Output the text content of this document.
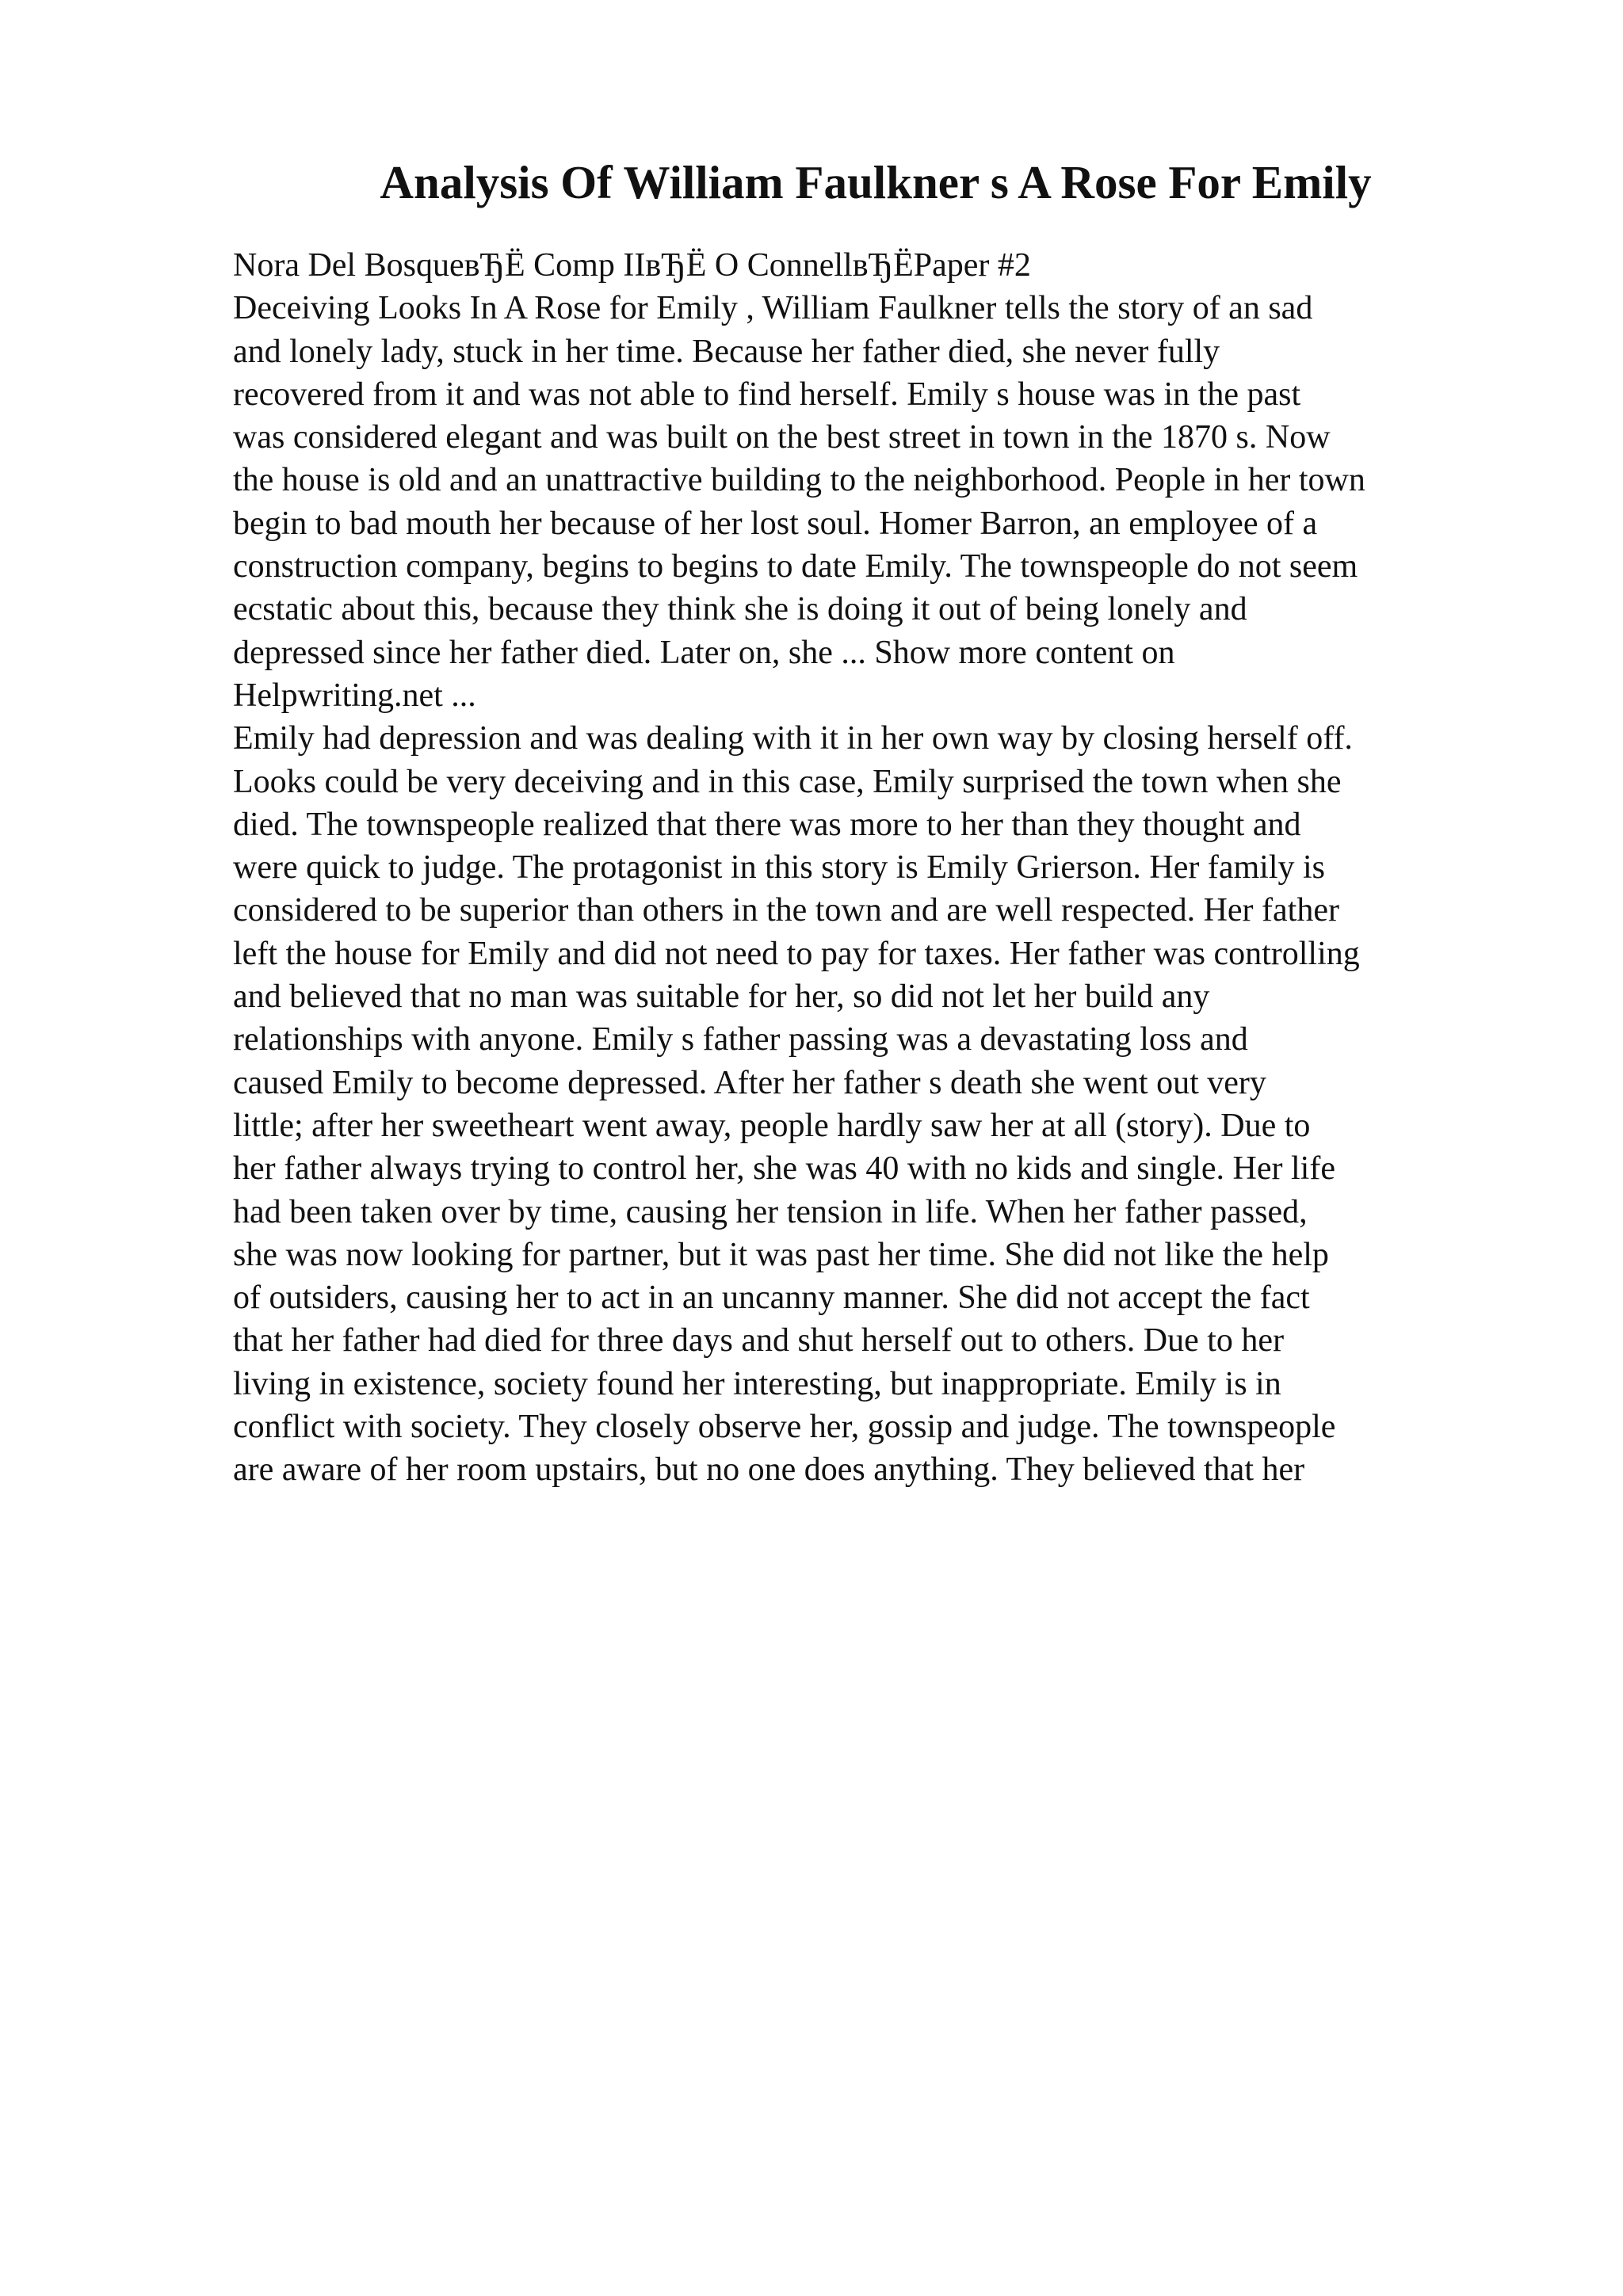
Analysis Of William Faulkner s A Rose For Emily
Nora Del BosqueвЂЁ Comp IIвЂЁ O ConnellвЂЁPaper #2
Deceiving Looks In A Rose for Emily , William Faulkner tells the story of an sad
and lonely lady, stuck in her time. Because her father died, she never fully
recovered from it and was not able to find herself. Emily s house was in the past
was considered elegant and was built on the best street in town in the 1870 s. Now
the house is old and an unattractive building to the neighborhood. People in her town
begin to bad mouth her because of her lost soul. Homer Barron, an employee of a
construction company, begins to begins to date Emily. The townspeople do not seem
ecstatic about this, because they think she is doing it out of being lonely and
depressed since her father died. Later on, she ... Show more content on
Helpwriting.net ...
Emily had depression and was dealing with it in her own way by closing herself off.
Looks could be very deceiving and in this case, Emily surprised the town when she
died. The townspeople realized that there was more to her than they thought and
were quick to judge. The protagonist in this story is Emily Grierson. Her family is
considered to be superior than others in the town and are well respected. Her father
left the house for Emily and did not need to pay for taxes. Her father was controlling
and believed that no man was suitable for her, so did not let her build any
relationships with anyone. Emily s father passing was a devastating loss and
caused Emily to become depressed. After her father s death she went out very
little; after her sweetheart went away, people hardly saw her at all (story). Due to
her father always trying to control her, she was 40 with no kids and single. Her life
had been taken over by time, causing her tension in life. When her father passed,
she was now looking for partner, but it was past her time. She did not like the help
of outsiders, causing her to act in an uncanny manner. She did not accept the fact
that her father had died for three days and shut herself out to others. Due to her
living in existence, society found her interesting, but inappropriate. Emily is in
conflict with society. They closely observe her, gossip and judge. The townspeople
are aware of her room upstairs, but no one does anything. They believed that her
